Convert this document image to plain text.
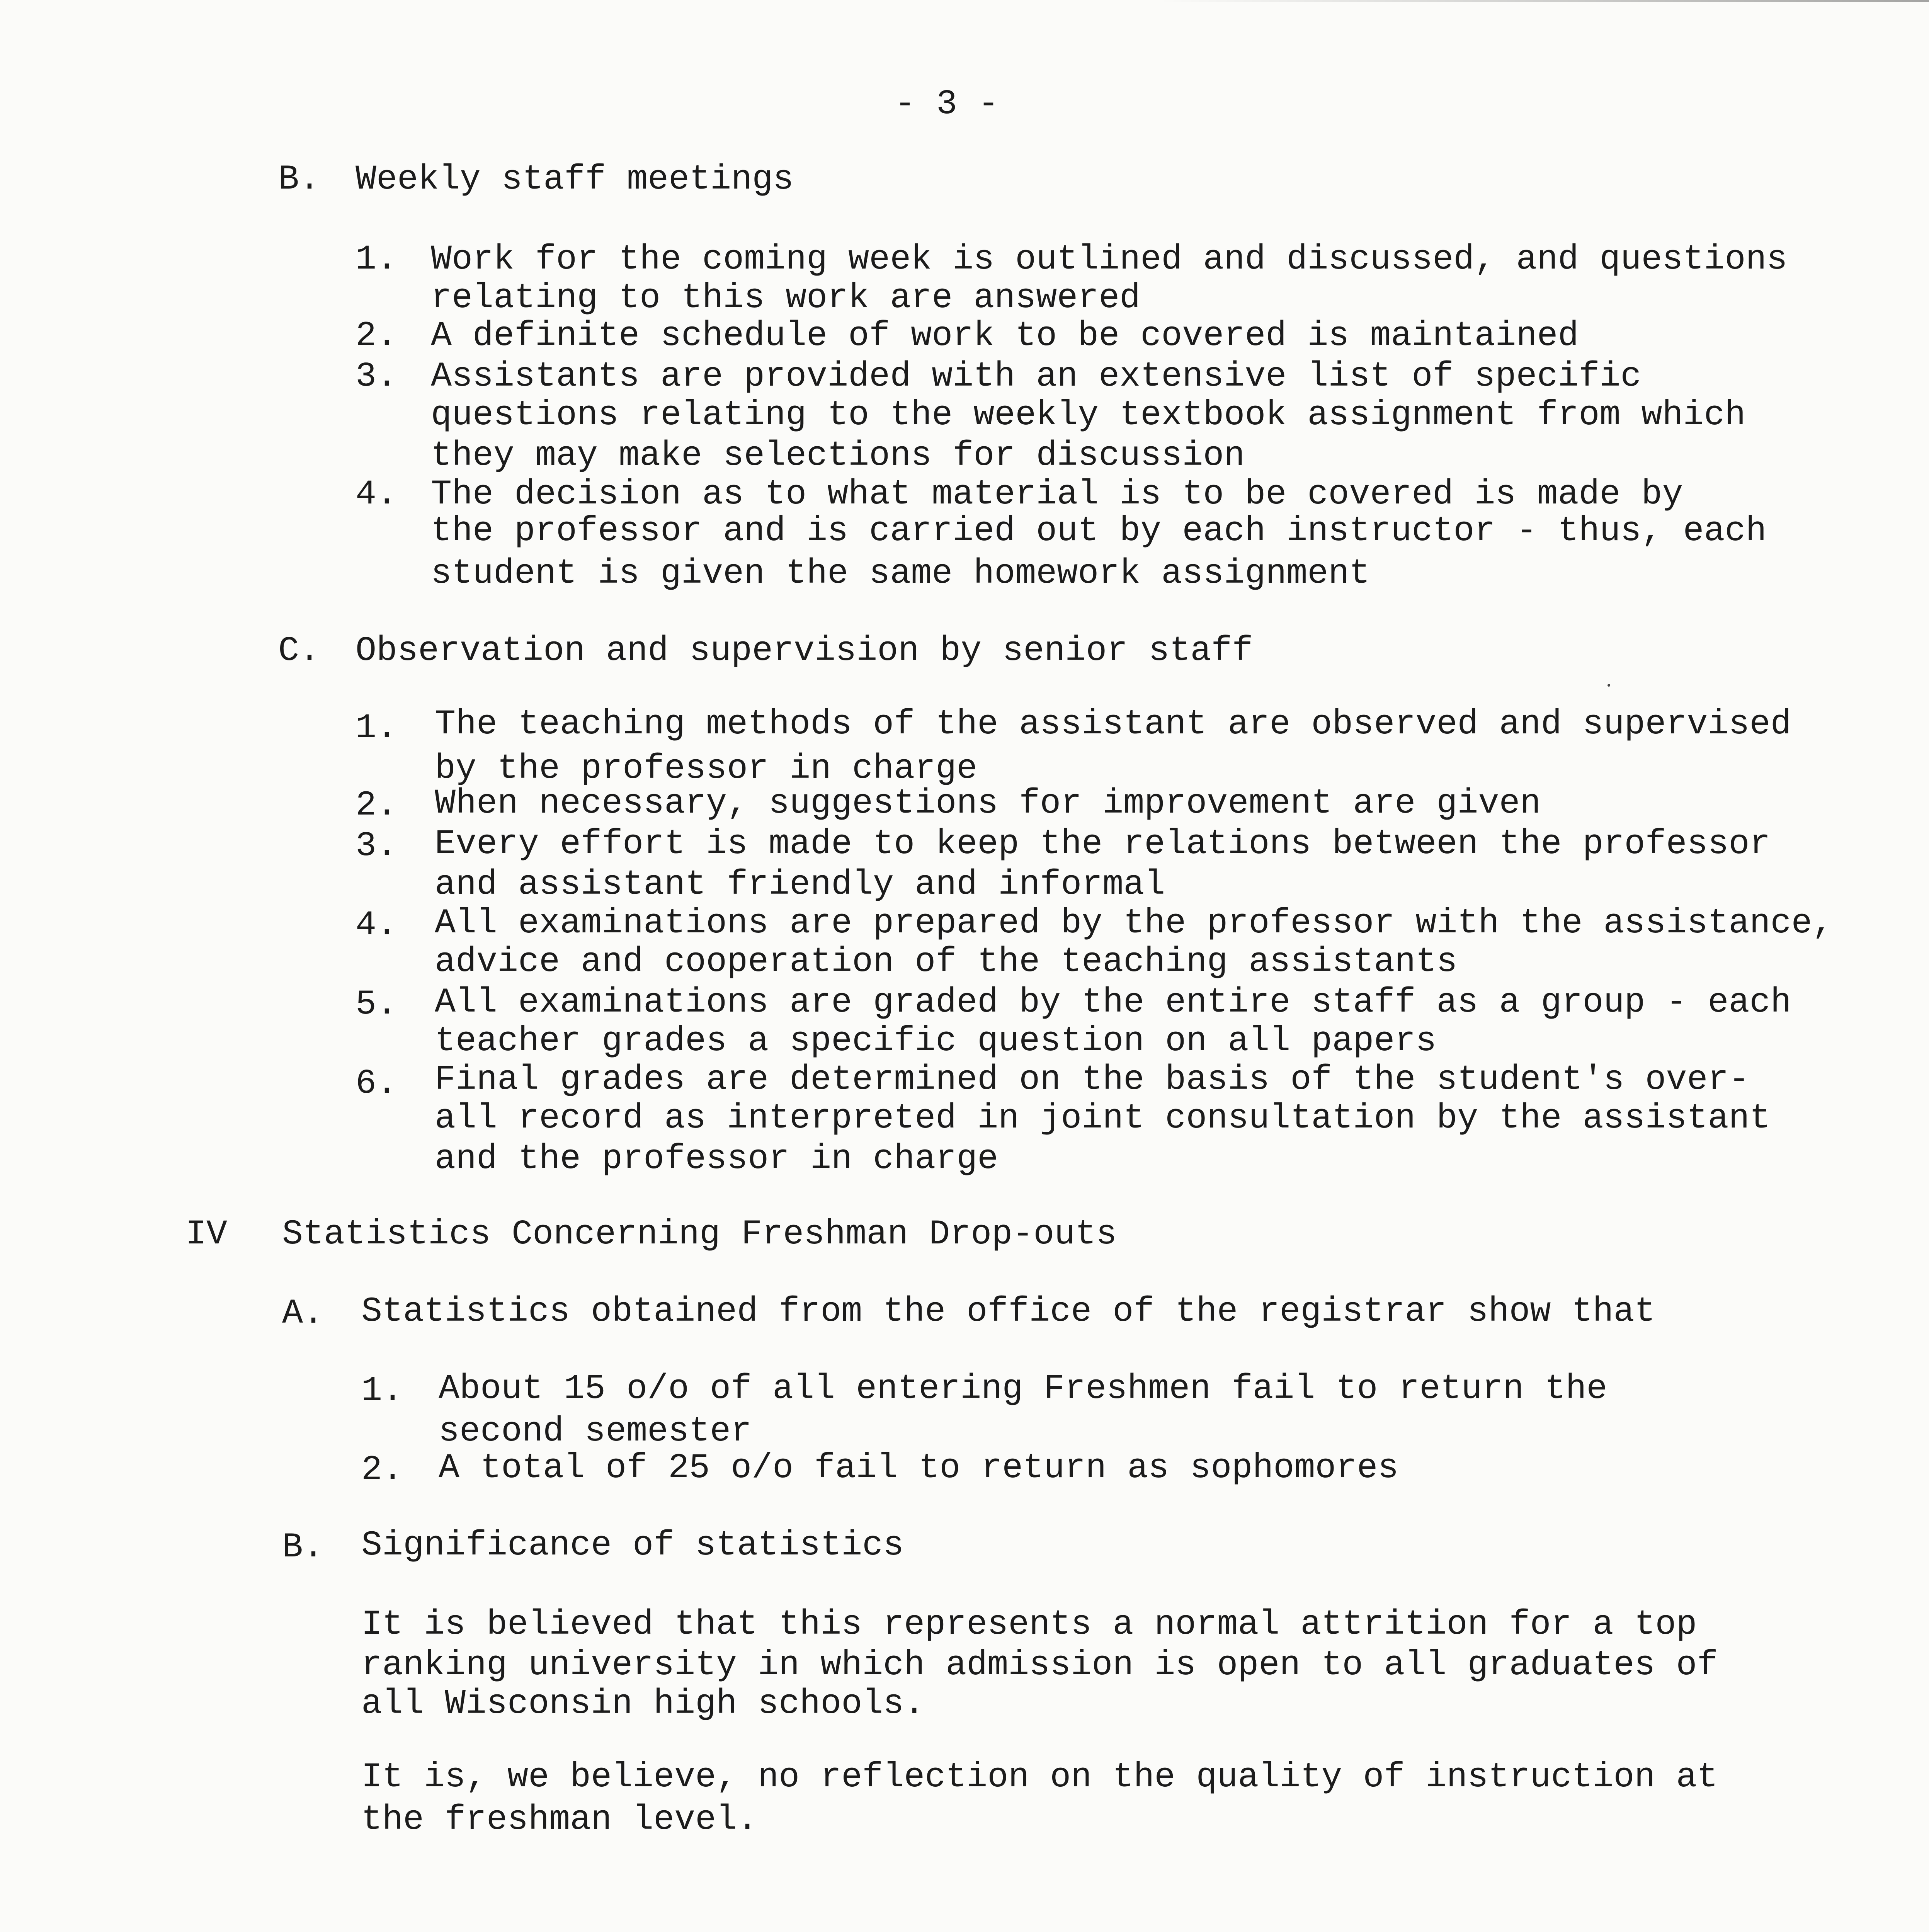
- 3 -
B. Weekly staff meetings
1. Work for the coming week is outlined and discussed, and questions
relating to this work are answered
2. A definite schedule of work to be covered is maintained
3. Assistants are provided with an extensive list of specific
questions relating to the weekly textbook assignment from which
they may make selections for discussion
4. The decision as to what material is to be covered is made by
the professor and is carried out by each instructor - thus, each
student is given the same homework assignment
C. Observation and supervision by senior staff
1. The teaching methods of the assistant are observed and supervised
by the professor in charge
2. When necessary, suggestions for improvement are given
3. Every effort is made to keep the relations between the professor
and assistant friendly and informal
4. All examinations are prepared by the professor with the assistance,
advice and cooperation of the teaching assistants
5. All examinations are graded by the entire staff as a group - each
teacher grades a specific question on all papers
6. Final grades are determined on the basis of the student's over-
all record as interpreted in joint consultation by the assistant
and the professor in charge
IV Statistics Concerning Freshman Drop-outs
A. Statistics obtained from the office of the registrar show that
1. About 15 o/o of all entering Freshmen fail to return the
second semester
2. A total of 25 o/o fail to return as sophomores
B. Significance of statistics
It is believed that this represents a normal attrition for a top
ranking university in which admission is open to all graduates of
all Wisconsin high schools.
It is, we believe, no reflection on the quality of instruction at
the freshman level.
